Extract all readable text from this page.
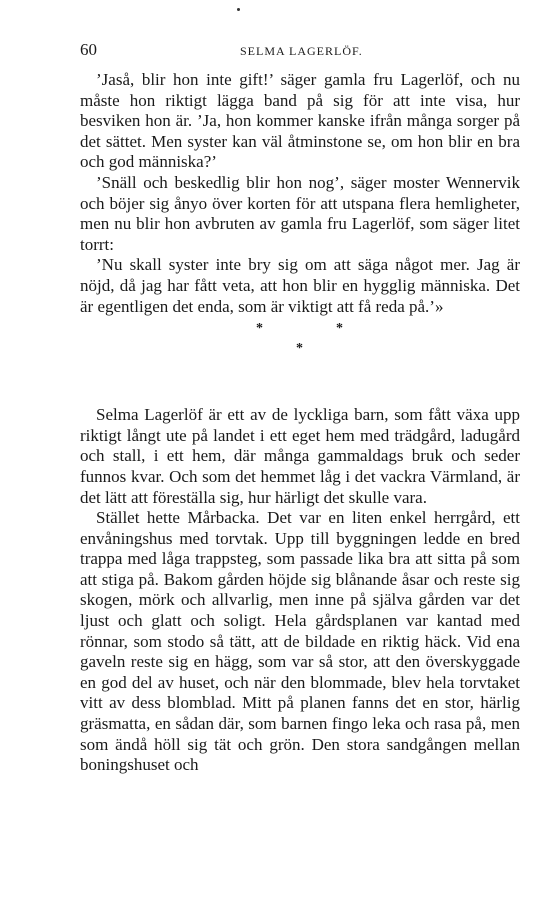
60	SELMA LAGERLÖF.

’Jaså, blir hon inte gift!’ säger gamla fru Lagerlöf, och nu måste hon riktigt lägga band på sig för att inte visa, hur besviken hon är. ’Ja, hon kommer kanske ifrån många sorger på det sättet. Men syster kan väl åtminstone se, om hon blir en bra och god människa?’

’Snäll och beskedlig blir hon nog’, säger moster Wennervik och böjer sig ånyo över korten för att utspana flera hemligheter, men nu blir hon avbruten av gamla fru Lagerlöf, som säger litet torrt:

’Nu skall syster inte bry sig om att säga något mer. Jag är nöjd, då jag har fått veta, att hon blir en hygglig människa. Det är egentligen det enda, som är viktigt att få reda på.’»

*	*
*

Selma Lagerlöf är ett av de lyckliga barn, som fått växa upp riktigt långt ute på landet i ett eget hem med trädgård, ladugård och stall, i ett hem, där många gammaldags bruk och seder funnos kvar. Och som det hemmet låg i det vackra Värmland, är det lätt att föreställa sig, hur härligt det skulle vara.

Stället hette Mårbacka. Det var en liten enkel herrgård, ett envåningshus med torvtak. Upp till byggningen ledde en bred trappa med låga trappsteg, som passade lika bra att sitta på som att stiga på. Bakom gården höjde sig blånande åsar och reste sig skogen, mörk och allvarlig, men inne på själva gården var det ljust och glatt och soligt. Hela gårdsplanen var kantad med rönnar, som stodo så tätt, att de bildade en riktig häck. Vid ena gaveln reste sig en hägg, som var så stor, att den överskyggade en god del av huset, och när den blommade, blev hela torvtaket vitt av dess blomblad. Mitt på planen fanns det en stor, härlig gräsmatta, en sådan där, som barnen fingo leka och rasa på, men som ändå höll sig tät och grön. Den stora sandgången mellan boningshuset och
